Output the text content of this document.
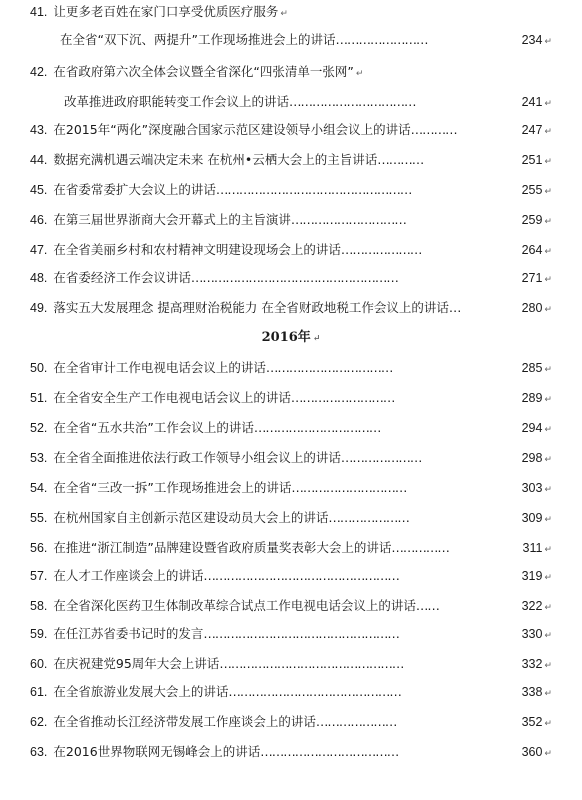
41. 让更多老百姓在家门口享受优质医疗服务 ↵
在全省“双下沉、两提升”工作现场推进会上的讲话……………………	234 ↵
42. 在省政府第六次全体会议暨全省深化“四张清单一张网” ↵
改革推进政府职能转变工作会议上的讲话……………………………	241 ↵
43. 在2015年“两化”深度融合国家示范区建设领导小组会议上的讲话…………	247 ↵
44. 数据充满机遇云端决定未来 在杭州•云栖大会上的主旨讲话…………	251 ↵
45. 在省委常委扩大会议上的讲话……………………………………………	255 ↵
46. 在第三届世界浙商大会开幕式上的主旨演讲…………………………	259 ↵
47. 在全省美丽乡村和农村精神文明建设现场会上的讲话…………………	264 ↵
48. 在省委经济工作会议讲话………………………………………………	271 ↵
49. 落实五大发展理念 提高理财治税能力 在全省财政地税工作会议上的讲话…	280 ↵
2016年 ↵
50. 在全省审计工作电视电话会议上的讲话……………………………	285 ↵
51. 在全省安全生产工作电视电话会议上的讲话………………………	289 ↵
52. 在全省“五水共治”工作会议上的讲话……………………………	294 ↵
53. 在全省全面推进依法行政工作领导小组会议上的讲话…………………	298 ↵
54. 在全省“三改一拆”工作现场推进会上的讲话…………………………	303 ↵
55. 在杭州国家自主创新示范区建设动员大会上的讲话…………………	309 ↵
56. 在推进“浙江制造”品牌建设暨省政府质量奖表彰大会上的讲话……………	311 ↵
57. 在人才工作座谈会上的讲话……………………………………………	319 ↵
58. 在全省深化医药卫生体制改革综合试点工作电视电话会议上的讲话……	322 ↵
59. 在任江苏省委书记时的发言……………………………………………	330 ↵
60. 在庆祝建党95周年大会上讲话…………………………………………	332 ↵
61. 在全省旅游业发展大会上的讲话………………………………………	338 ↵
62. 在全省推动长江经济带发展工作座谈会上的讲话…………………	352 ↵
63. 在2016世界物联网无锡峰会上的讲话………………………………	360 ↵
